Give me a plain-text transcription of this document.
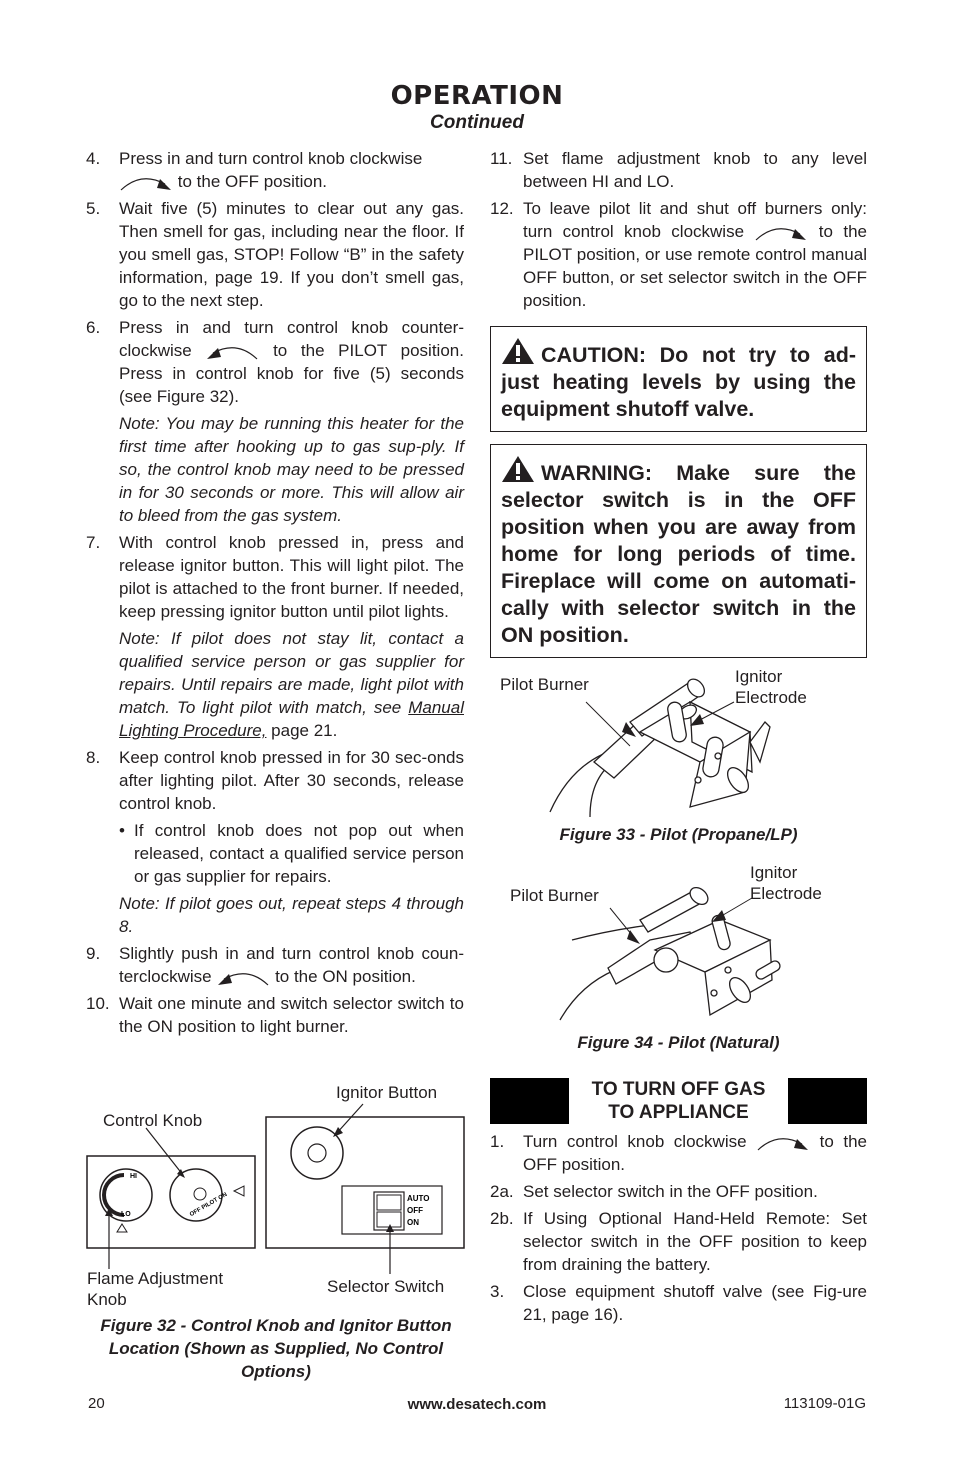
OPERATION
Continued
4.	Press in and turn control knob clockwise
to the OFF position.
5.	Wait five (5) minutes to clear out any gas. Then smell for gas, including near the floor. If you smell gas, STOP! Follow “B” in the safety information, page 19. If you don’t smell gas, go to the next step.
6.	Press in and turn control knob counter-clockwise	to the PILOT position. Press in control knob for five (5) seconds (see Figure 32).
Note: You may be running this heater for the first time after hooking up to gas sup-ply. If so, the control knob may need to be pressed in for 30 seconds or more. This will allow air to bleed from the gas system.
7.	With control knob pressed in, press and release ignitor button. This will light pilot. The pilot is attached to the front burner. If needed, keep pressing ignitor button until pilot lights.
Note: If pilot does not stay lit, contact a qualified service person or gas supplier for repairs. Until repairs are made, light pilot with match. To light pilot with match, see Manual Lighting Procedure, page 21.
8.	Keep control knob pressed in for 30 sec-onds after lighting pilot. After 30 seconds, release control knob.
• If control knob does not pop out when released, contact a qualified service person or gas supplier for repairs.
Note: If pilot goes out, repeat steps 4 through 8.
9.	Slightly push in and turn control knob coun-terclockwise	to the ON position.
10. Wait one minute and switch selector switch to the ON position to light burner.
Ignitor Button
Control Knob
Flame Adjustment Knob
Selector Switch
HI
LO	OFF PILOT ON	AUTO
OFF
ON
Figure 32 - Control Knob and Ignitor Button Location (Shown as Supplied, No Control Options)
11. Set flame adjustment knob to any level between HI and LO.
12. To leave pilot lit and shut off burners only: turn control knob clockwise	to the PILOT position, or use remote control manual OFF button, or set selector switch in the OFF position.
CAUTION: Do not try to ad-just heating levels by using the equipment shutoff valve.
WARNING: Make sure the selector switch is in the OFF position when you are away from home for long periods of time. Fireplace will come on automati-cally with selector switch in the ON position.
Pilot Burner	Ignitor Electrode
Figure 33 - Pilot (Propane/LP)
Pilot Burner
Ignitor Electrode
Figure 34 - Pilot (Natural)
TO TURN OFF GAS
TO APPLIANCE
1.	Turn control knob clockwise	to the OFF position.
2a. Set selector switch in the OFF position.
2b. If Using Optional Hand-Held Remote: Set selector switch in the OFF position to keep from draining the battery.
3.	Close equipment shutoff valve (see Fig-ure 21, page 16).
20	www.desatech.com	113109-01G
